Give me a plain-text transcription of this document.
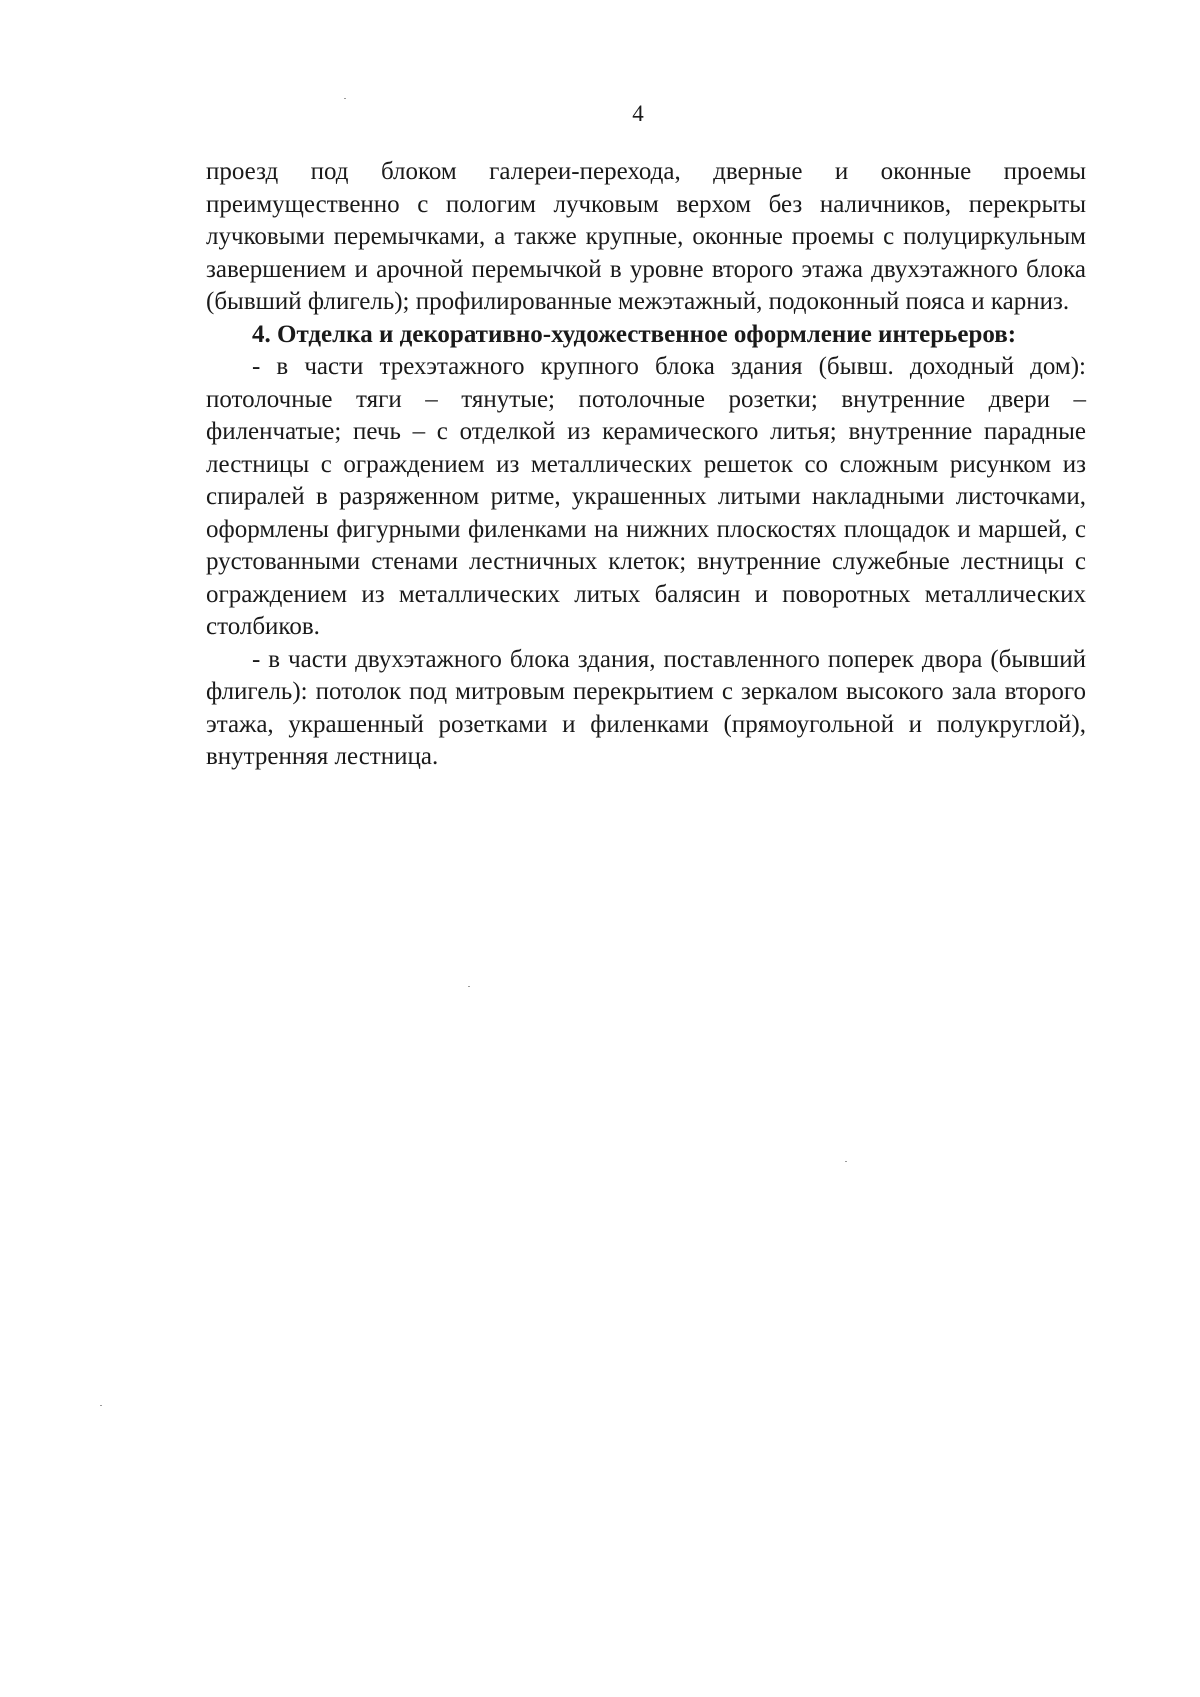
4

проезд под блоком галереи-перехода, дверные и оконные проемы преимущественно с пологим лучковым верхом без наличников, перекрыты лучковыми перемычками, а также крупные, оконные проемы с полуциркульным завершением и арочной перемычкой в уровне второго этажа двухэтажного блока (бывший флигель); профилированные межэтажный, подоконный пояса и карниз.

4. Отделка и декоративно-художественное оформление интерьеров:

- в части трехэтажного крупного блока здания (бывш. доходный дом): потолочные тяги – тянутые; потолочные розетки; внутренние двери – филенчатые; печь – с отделкой из керамического литья; внутренние парадные лестницы с ограждением из металлических решеток со сложным рисунком из спиралей в разряженном ритме, украшенных литыми накладными листочками, оформлены фигурными филенками на нижних плоскостях площадок и маршей, с рустованными стенами лестничных клеток; внутренние служебные лестницы с ограждением из металлических литых балясин и поворотных металлических столбиков.

- в части двухэтажного блока здания, поставленного поперек двора (бывший флигель): потолок под митровым перекрытием с зеркалом высокого зала второго этажа, украшенный розетками и филенками (прямоугольной и полукруглой), внутренняя лестница.
